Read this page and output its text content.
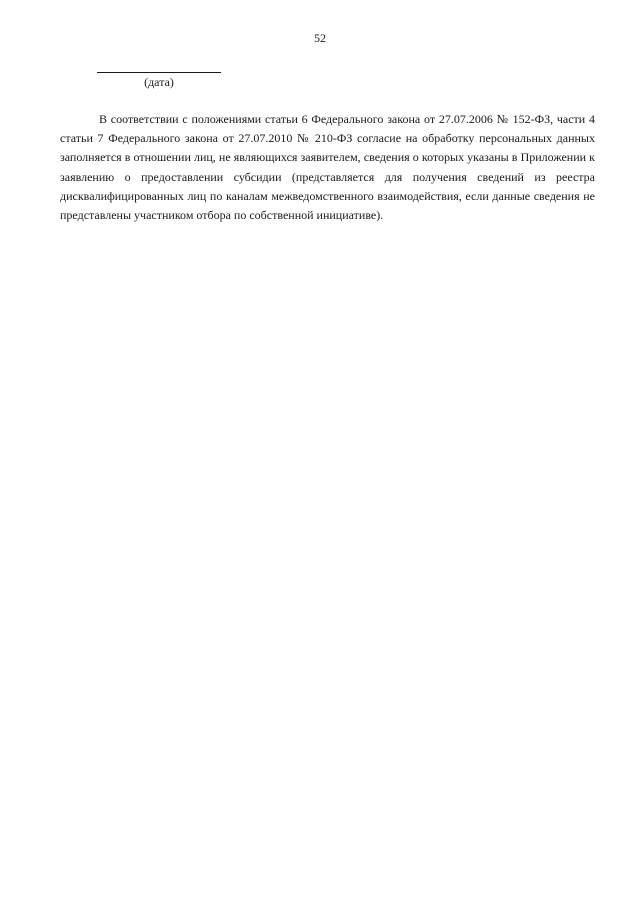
52
(дата)

В соответствии с положениями статьи 6 Федерального закона от 27.07.2006 № 152-ФЗ, части 4 статьи 7 Федерального закона от 27.07.2010 № 210-ФЗ согласие на обработку персональных данных заполняется в отношении лиц, не являющихся заявителем, сведения о которых указаны в Приложении к заявлению о предоставлении субсидии (представляется для получения сведений из реестра дисквалифицированных лиц по каналам межведомственного взаимодействия, если данные сведения не представлены участником отбора по собственной инициативе).
